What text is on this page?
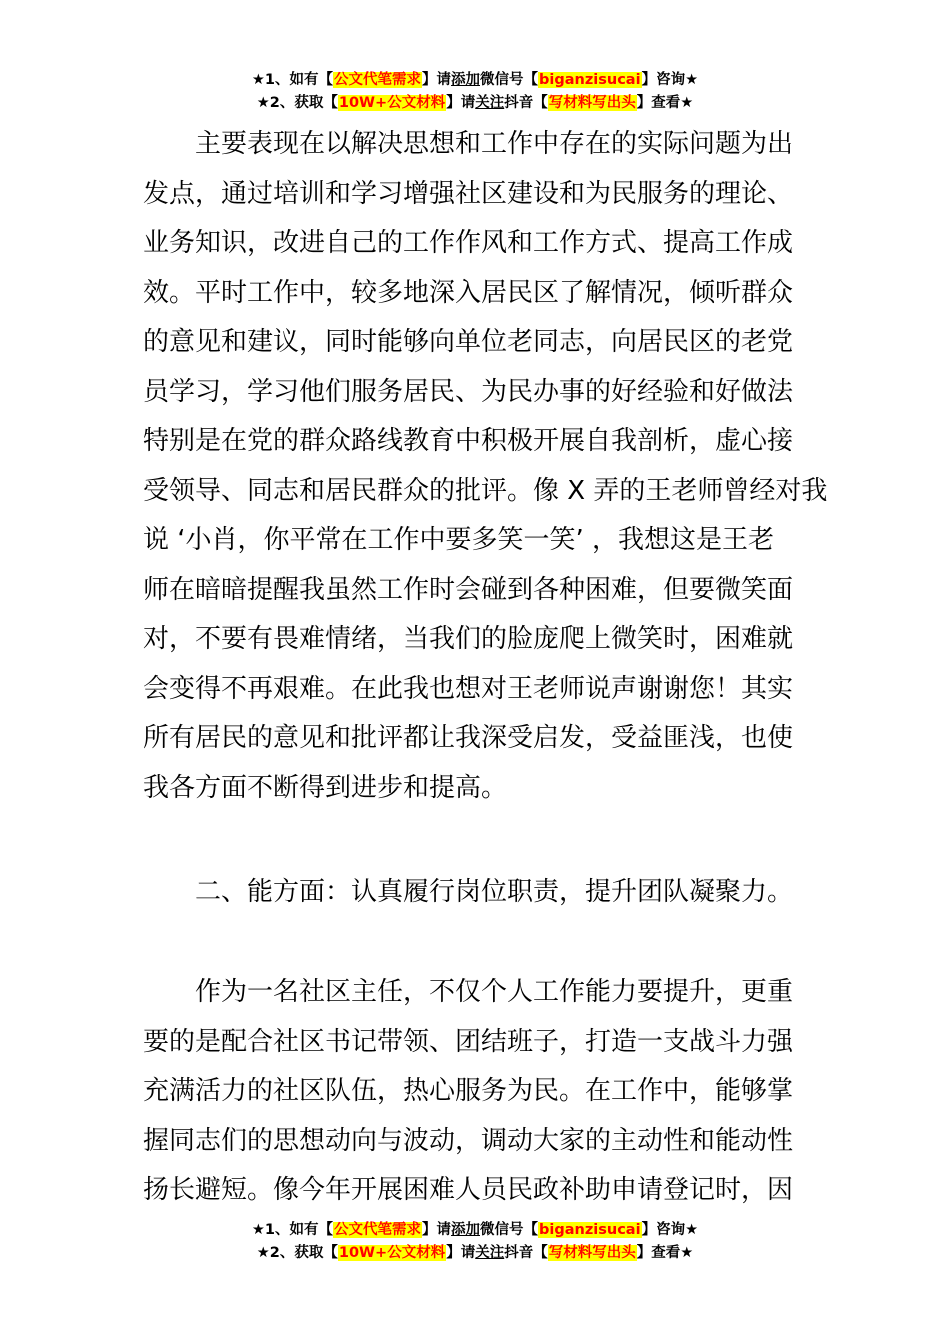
★1、如有【公文代笔需求】请添加微信号【biganzisucai】咨询★
★2、获取【10W+公文材料】请关注抖音【写材料写出头】查看★
主要表现在以解决思想和工作中存在的实际问题为出
发点，通过培训和学习增强社区建设和为民服务的理论、
业务知识，改进自己的工作作风和工作方式、提高工作成
效。平时工作中，较多地深入居民区了解情况，倾听群众
的意见和建议，同时能够向单位老同志，向居民区的老党
员学习，学习他们服务居民、为民办事的好经验和好做法
特别是在党的群众路线教育中积极开展自我剖析，虚心接
受领导、同志和居民群众的批评。像 X 弄的王老师曾经对我
说 ‘小肖，你平常在工作中要多笑一笑’ ，我想这是王老
师在暗暗提醒我虽然工作时会碰到各种困难，但要微笑面
对，不要有畏难情绪，当我们的脸庞爬上微笑时，困难就
会变得不再艰难。在此我也想对王老师说声谢谢您！其实
所有居民的意见和批评都让我深受启发，受益匪浅，也使
我各方面不断得到进步和提高。
二、能方面：认真履行岗位职责，提升团队凝聚力。
作为一名社区主任，不仅个人工作能力要提升，更重
要的是配合社区书记带领、团结班子，打造一支战斗力强
充满活力的社区队伍，热心服务为民。在工作中，能够掌
握同志们的思想动向与波动，调动大家的主动性和能动性
扬长避短。像今年开展困难人员民政补助申请登记时，因
★1、如有【公文代笔需求】请添加微信号【biganzisucai】咨询★
★2、获取【10W+公文材料】请关注抖音【写材料写出头】查看★
